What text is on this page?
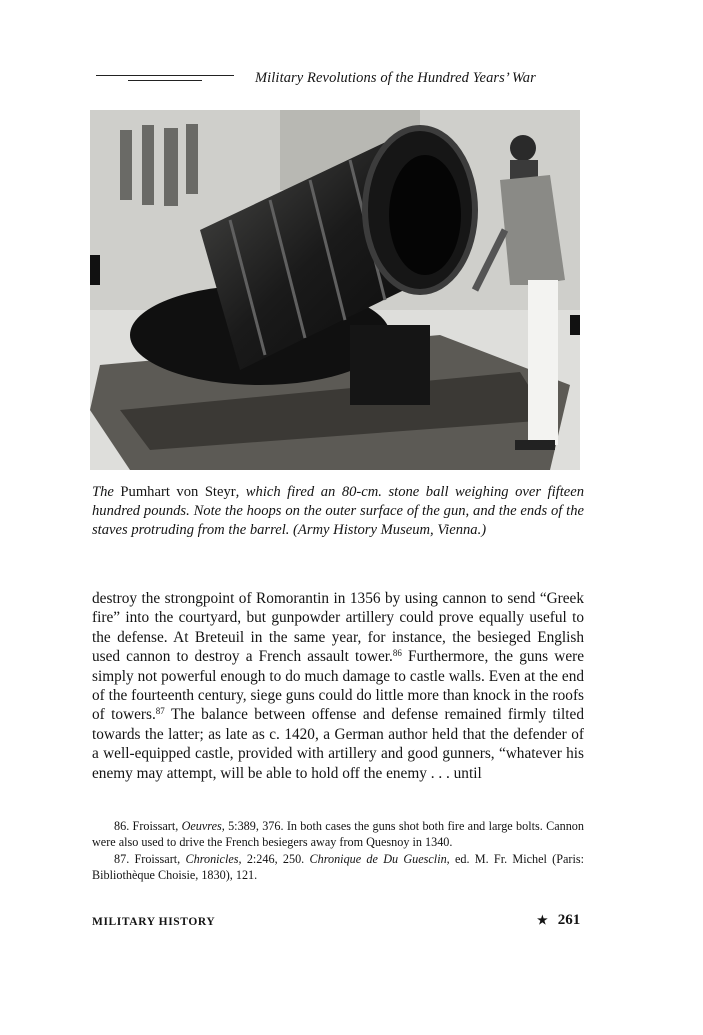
Military Revolutions of the Hundred Years’ War
The Pumhart von Steyr, which fired an 80-cm. stone ball weighing over fifteen hundred pounds. Note the hoops on the outer surface of the gun, and the ends of the staves protruding from the barrel. (Army History Museum, Vienna.)

destroy the strongpoint of Romorantin in 1356 by using cannon to send “Greek fire” into the courtyard, but gunpowder artillery could prove equally useful to the defense. At Breteuil in the same year, for instance, the besieged English used cannon to destroy a French assault tower.$^{86}$ Furthermore, the guns were simply not powerful enough to do much damage to castle walls. Even at the end of the fourteenth century, siege guns could do little more than knock in the roofs of towers.$^{87}$ The balance between offense and defense remained firmly tilted towards the latter; as late as c. 1420, a German author held that the defender of a well-equipped castle, provided with artillery and good gunners, “whatever his enemy may attempt, will be able to hold off the enemy . . . until

86. Froissart, Oeuvres, 5:389, 376. In both cases the guns shot both fire and large bolts. Cannon were also used to drive the French besiegers away from Quesnoy in 1340.

87. Froissart, Chronicles, 2:246, 250. Chronique de Du Guesclin, ed. M. Fr. Michel (Paris: Bibliothèque Choisie, 1830), 121.

MILITARY HISTORY	★ 261
